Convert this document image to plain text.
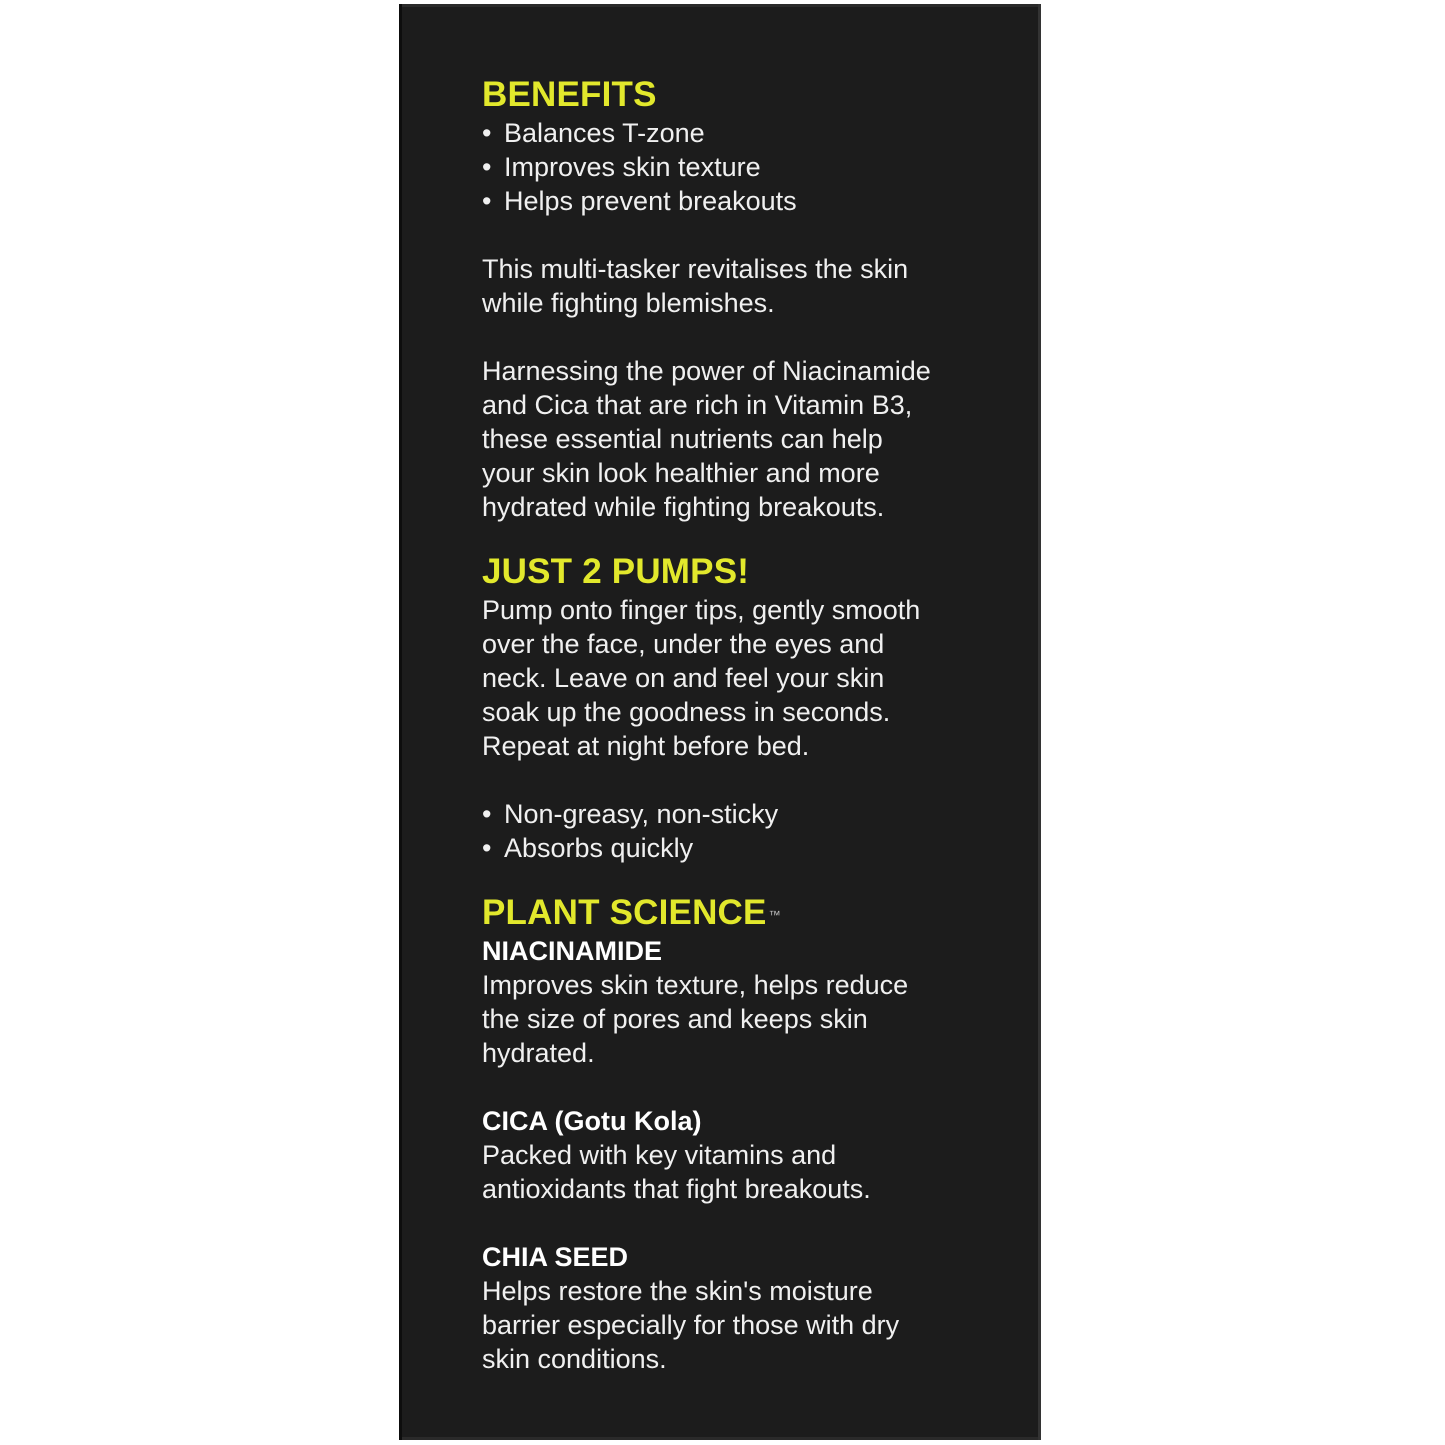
BENEFITS
• Balances T-zone
• Improves skin texture
• Helps prevent breakouts

This multi-tasker revitalises the skin
while fighting blemishes.

Harnessing the power of Niacinamide
and Cica that are rich in Vitamin B3,
these essential nutrients can help
your skin look healthier and more
hydrated while fighting breakouts.

JUST 2 PUMPS!

Pump onto finger tips, gently smooth
over the face, under the eyes and
neck. Leave on and feel your skin
soak up the goodness in seconds.
Repeat at night before bed.

• Non-greasy, non-sticky
• Absorbs quickly
PLANT SCIENCE ™
NIACINAMIDE

Improves skin texture, helps reduce
the size of pores and keeps skin
hydrated.

CICA (Gotu Kola)

Packed with key vitamins and
antioxidants that fight breakouts.

CHIA SEED

Helps restore the skin's moisture
barrier especially for those with dry
skin conditions.
